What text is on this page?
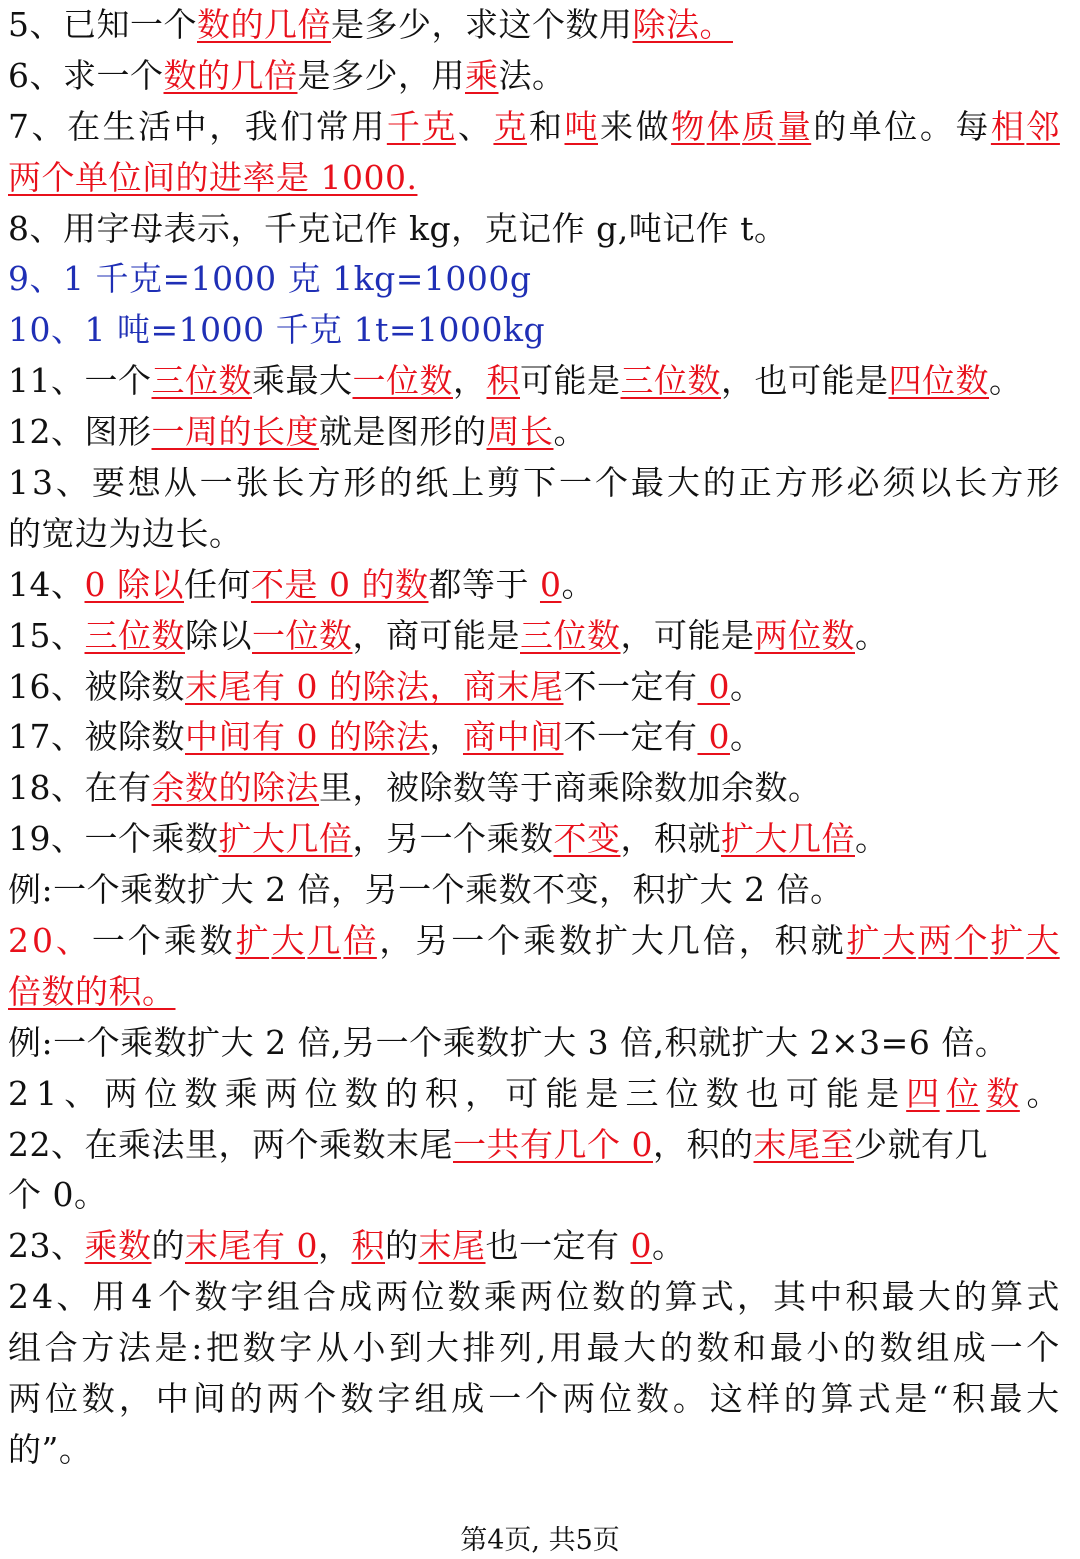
5、已知一个数的几倍是多少，求这个数用除法。
6、求一个数的几倍是多少，用乘法。
7 、 在 生 活 中 ， 我 们 常 用 千 克 、 克 和 吨 来 做 物 体 质 量 的 单 位 。 每 相 邻
两个单位间的进率是 1000.
8、用字母表示，千克记作 kg，克记作 g,吨记作 t。
9、1 千克=1000 克 1kg=1000g
10、1 吨=1000 千克 1t=1000kg
11、一个三位数乘最大一位数，积可能是三位数，也可能是四位数。
12、图形一周的长度就是图形的周长。
1 3 、 要 想 从 一 张 长 方 形 的 纸 上 剪 下 一 个 最 大 的 正 方 形 必 须 以 长 方 形
的宽边为边长。
14、0 除以任何不是 0 的数都等于 0。
15、三位数除以一位数，商可能是三位数，可能是两位数。
16、被除数末尾有 0 的除法，商末尾不一定有 0。
17、被除数中间有 0 的除法，商中间不一定有 0。
18、在有余数的除法里，被除数等于商乘除数加余数。
19、一个乘数扩大几倍，另一个乘数不变，积就扩大几倍。
例:一个乘数扩大 2 倍，另一个乘数不变，积扩大 2 倍。
2 0 、 一 个 乘 数 扩 大 几 倍 ， 另 一 个 乘 数 扩 大 几 倍 ， 积 就 扩 大 两 个 扩 大
倍数的积。
例:一个乘数扩大 2 倍,另一个乘数扩大 3 倍,积就扩大 2×3=6 倍。
2 1 、 两 位 数 乘 两 位 数 的 积 ， 可 能 是 三 位 数 也 可 能 是 四 位 数 。
22、在乘法里，两个乘数末尾一共有几个 0，积的末尾至少就有几
个 0。
23、乘数的末尾有 0，积的末尾也一定有 0。
2 4 、 用 4 个 数 字 组 合 成 两 位 数 乘 两 位 数 的 算 式 ， 其 中 积 最 大 的 算 式
组 合 方 法 是 : 把 数 字 从 小 到 大 排 列 , 用 最 大 的 数 和 最 小 的 数 组 成 一 个
两 位 数 ， 中 间 的 两 个 数 字 组 成 一 个 两 位 数 。 这 样 的 算 式 是 “ 积 最 大
的”。
第4页, 共5页
